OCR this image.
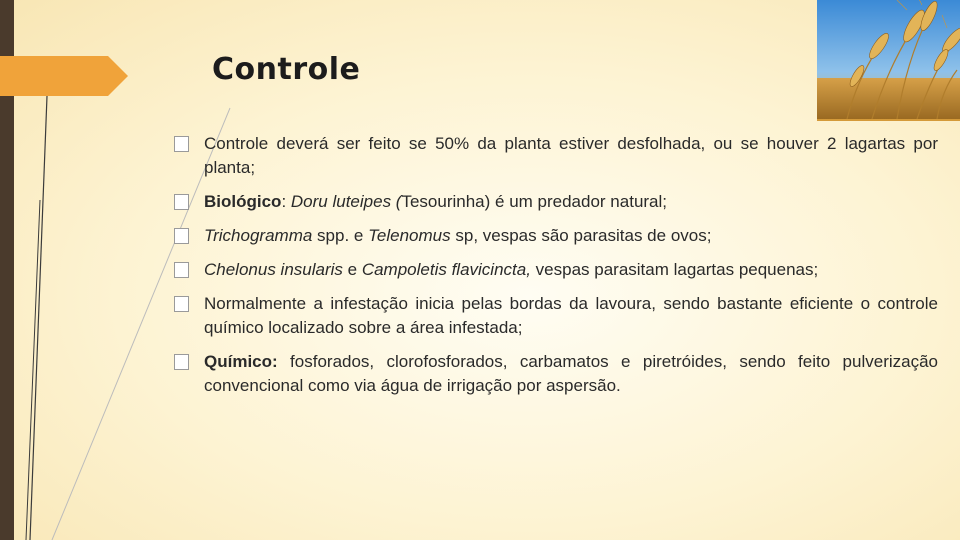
Controle
Controle deverá ser feito se 50% da planta estiver desfolhada, ou se houver 2 lagartas por planta;
Biológico: Doru luteipes (Tesourinha) é um predador natural;
Trichogramma spp. e Telenomus sp, vespas são parasitas de ovos;
Chelonus insularis e Campoletis flavicincta, vespas parasitam lagartas pequenas;
Normalmente a infestação inicia pelas bordas da lavoura, sendo bastante eficiente o controle químico localizado sobre a área infestada;
Químico: fosforados, clorofosforados, carbamatos e piretróides, sendo feito pulverização convencional como via água de irrigação por aspersão.
